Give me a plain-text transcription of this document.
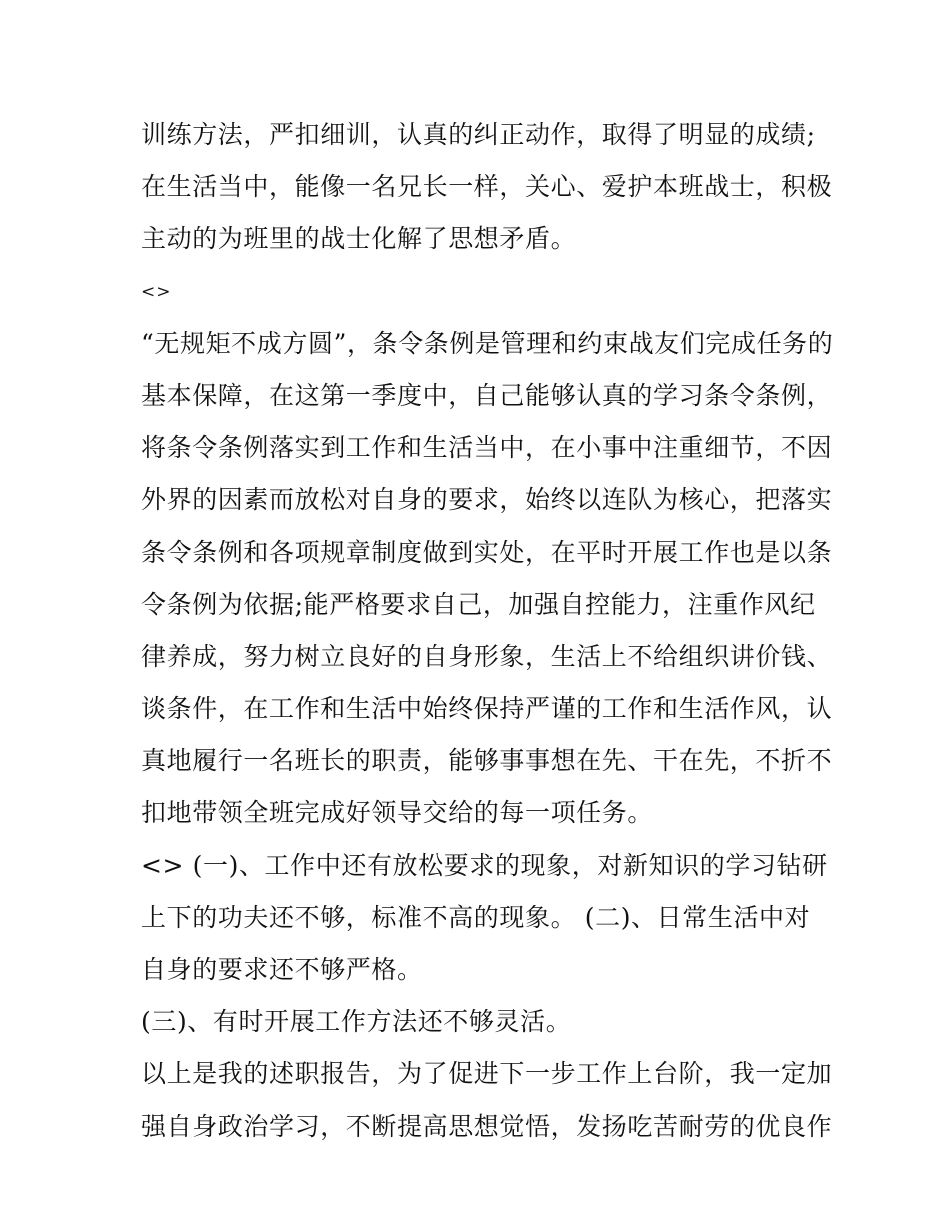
训练方法，严扣细训，认真的纠正动作，取得了明显的成绩;
在生活当中，能像一名兄长一样，关心、爱护本班战士，积极
主动的为班里的战士化解了思想矛盾。
<>
“无规矩不成方圆”，条令条例是管理和约束战友们完成任务的
基本保障，在这第一季度中，自己能够认真的学习条令条例，
将条令条例落实到工作和生活当中，在小事中注重细节，不因
外界的因素而放松对自身的要求，始终以连队为核心，把落实
条令条例和各项规章制度做到实处，在平时开展工作也是以条
令条例为依据;能严格要求自己，加强自控能力，注重作风纪
律养成，努力树立良好的自身形象，生活上不给组织讲价钱、
谈条件，在工作和生活中始终保持严谨的工作和生活作风，认
真地履行一名班长的职责，能够事事想在先、干在先，不折不
扣地带领全班完成好领导交给的每一项任务。
<> (一)、工作中还有放松要求的现象，对新知识的学习钻研
上下的功夫还不够，标准不高的现象。 (二)、日常生活中对
自身的要求还不够严格。
(三)、有时开展工作方法还不够灵活。
以上是我的述职报告，为了促进下一步工作上台阶，我一定加
强自身政治学习，不断提高思想觉悟，发扬吃苦耐劳的优良作
